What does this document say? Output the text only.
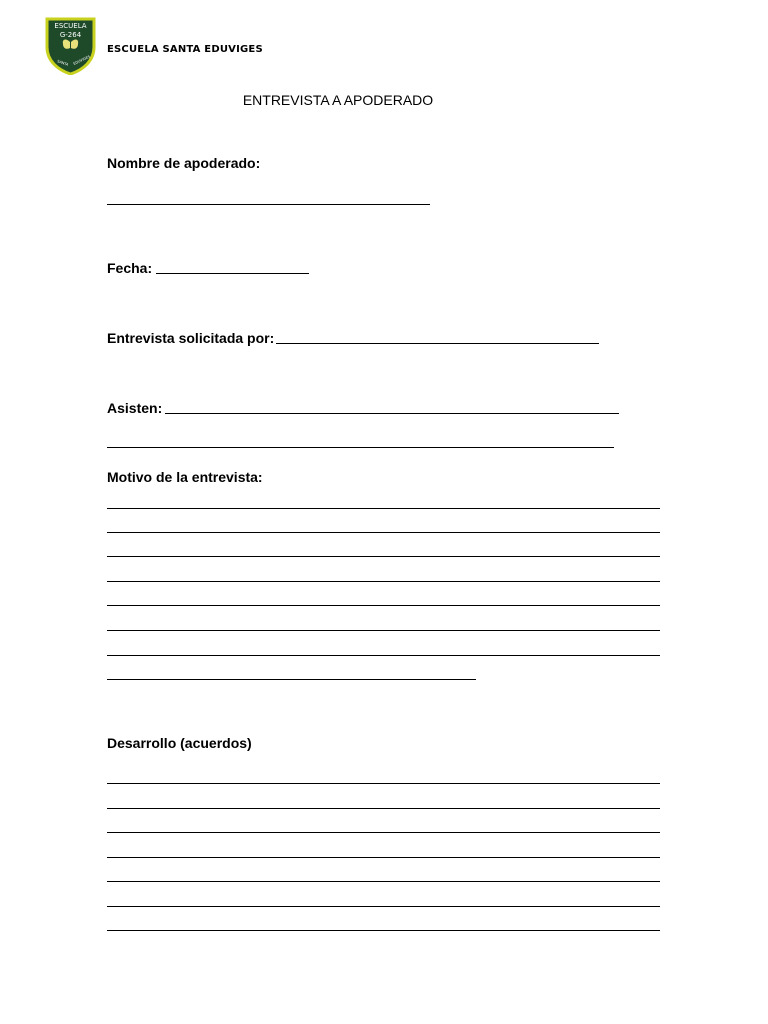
ESCUELA
G-264
SANTA EDUVIGES
ESCUELA SANTA EDUVIGES
ENTREVISTA A APODERADO
Nombre de apoderado:
Fecha:
Entrevista solicitada por:
Asisten:
Motivo de la entrevista:
Desarrollo (acuerdos)
